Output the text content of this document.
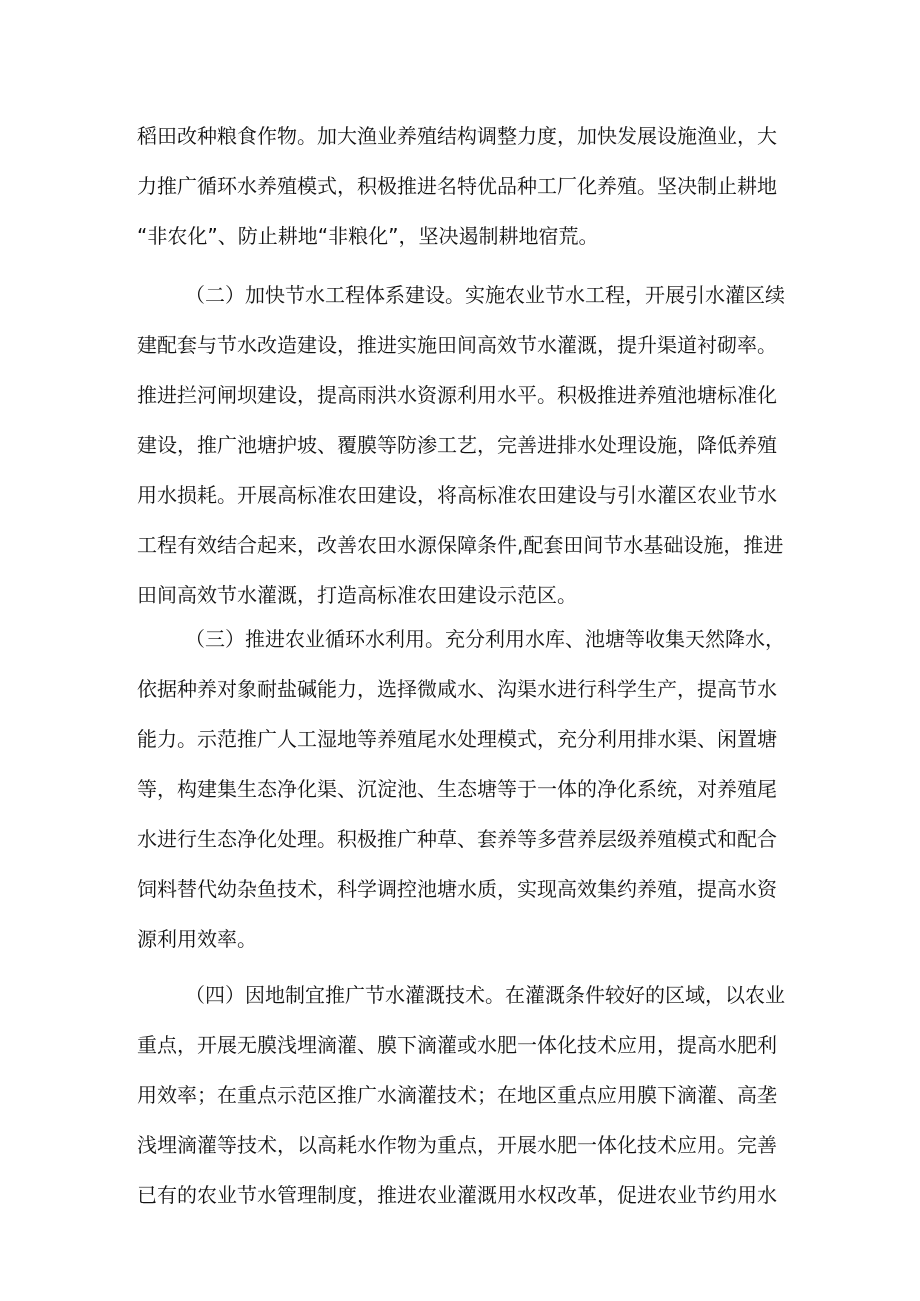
稻田改种粮食作物。加大渔业养殖结构调整力度，加快发展设施渔业，大
力推广循环水养殖模式，积极推进名特优品种工厂化养殖。坚决制止耕地
“非农化”、防止耕地“非粮化”，坚决遏制耕地宿荒。
（二）加快节水工程体系建设。实施农业节水工程，开展引水灌区续
建配套与节水改造建设，推进实施田间高效节水灌溉，提升渠道衬砌率。
推进拦河闸坝建设，提高雨洪水资源利用水平。积极推进养殖池塘标准化
建设，推广池塘护坡、覆膜等防渗工艺，完善进排水处理设施，降低养殖
用水损耗。开展高标准农田建设，将高标准农田建设与引水灌区农业节水
工程有效结合起来，改善农田水源保障条件,配套田间节水基础设施，推进
田间高效节水灌溉，打造高标准农田建设示范区。
（三）推进农业循环水利用。充分利用水库、池塘等收集天然降水，
依据种养对象耐盐碱能力，选择微咸水、沟渠水进行科学生产，提高节水
能力。示范推广人工湿地等养殖尾水处理模式，充分利用排水渠、闲置塘
等，构建集生态净化渠、沉淀池、生态塘等于一体的净化系统，对养殖尾
水进行生态净化处理。积极推广种草、套养等多营养层级养殖模式和配合
饲料替代幼杂鱼技术，科学调控池塘水质，实现高效集约养殖，提高水资
源利用效率。
（四）因地制宜推广节水灌溉技术。在灌溉条件较好的区域，以农业
重点，开展无膜浅埋滴灌、膜下滴灌或水肥一体化技术应用，提高水肥利
用效率；在重点示范区推广水滴灌技术；在地区重点应用膜下滴灌、高垄
浅埋滴灌等技术，以高耗水作物为重点，开展水肥一体化技术应用。完善
已有的农业节水管理制度，推进农业灌溉用水权改革，促进农业节约用水
